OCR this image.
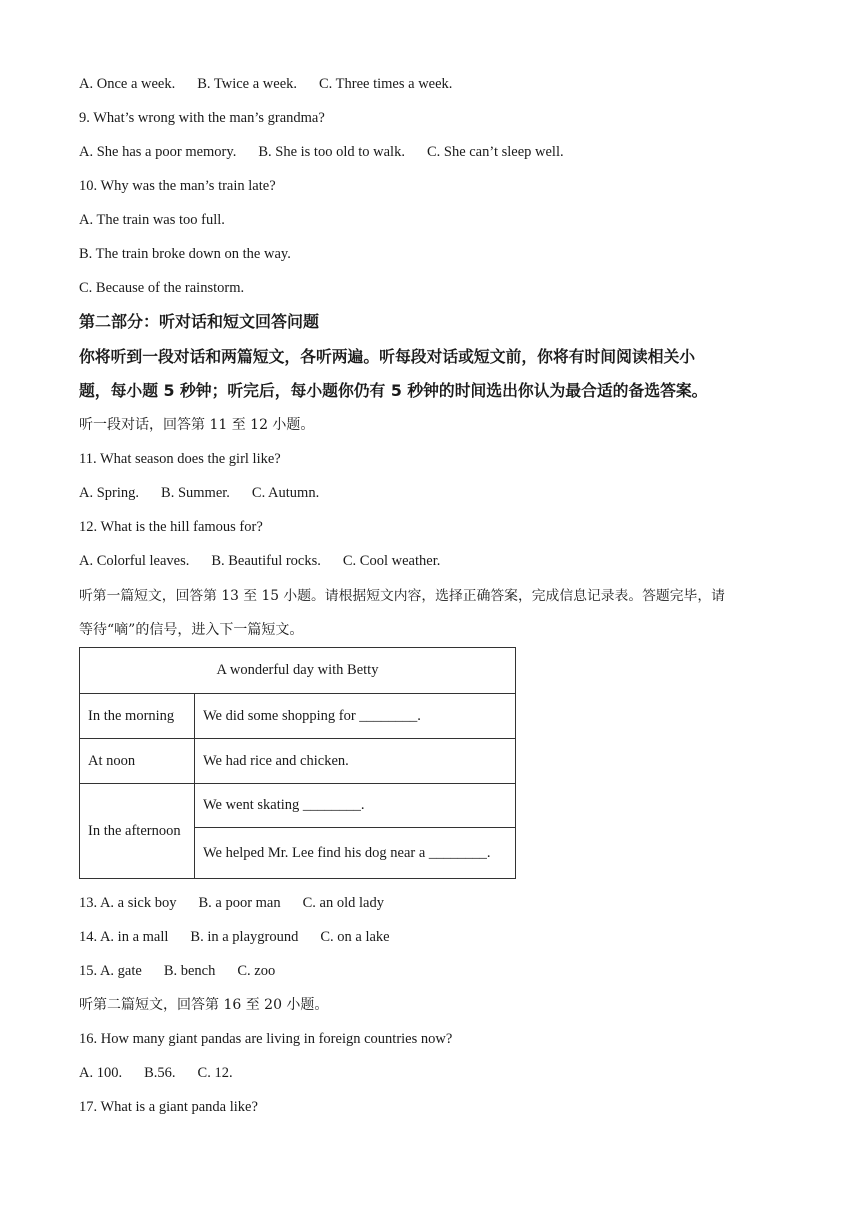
A. Once a week. B. Twice a week. C. Three times a week.
9. What’s wrong with the man’s grandma?
A. She has a poor memory. B. She is too old to walk. C. She can’t sleep well.
10. Why was the man’s train late?
A. The train was too full.
B. The train broke down on the way.
C. Because of the rainstorm.
第二部分：听对话和短文回答问题
你将听到一段对话和两篇短文，各听两遍。听每段对话或短文前，你将有时间阅读相关小
题，每小题 5 秒钟；听完后，每小题你仍有 5 秒钟的时间选出你认为最合适的备选答案。
听一段对话，回答第 11 至 12 小题。
11. What season does the girl like?
A. Spring. B. Summer. C. Autumn.
12. What is the hill famous for?
A. Colorful leaves. B. Beautiful rocks. C. Cool weather.
听第一篇短文，回答第 13 至 15 小题。请根据短文内容，选择正确答案，完成信息记录表。答题完毕，请
等待“嘀”的信号，进入下一篇短文。
A wonderful day with Betty	
In the morning	We did some shopping for ________.
At noon	We had rice and chicken.
In the afternoon	We went skating ________.
	We helped Mr. Lee find his dog near a ________.
13. A. a sick boy B. a poor man C. an old lady
14. A. in a mall B. in a playground C. on a lake
15. A. gate B. bench C. zoo
听第二篇短文，回答第 16 至 20 小题。
16. How many giant pandas are living in foreign countries now?
A. 100. B.56. C. 12.
17. What is a giant panda like?
